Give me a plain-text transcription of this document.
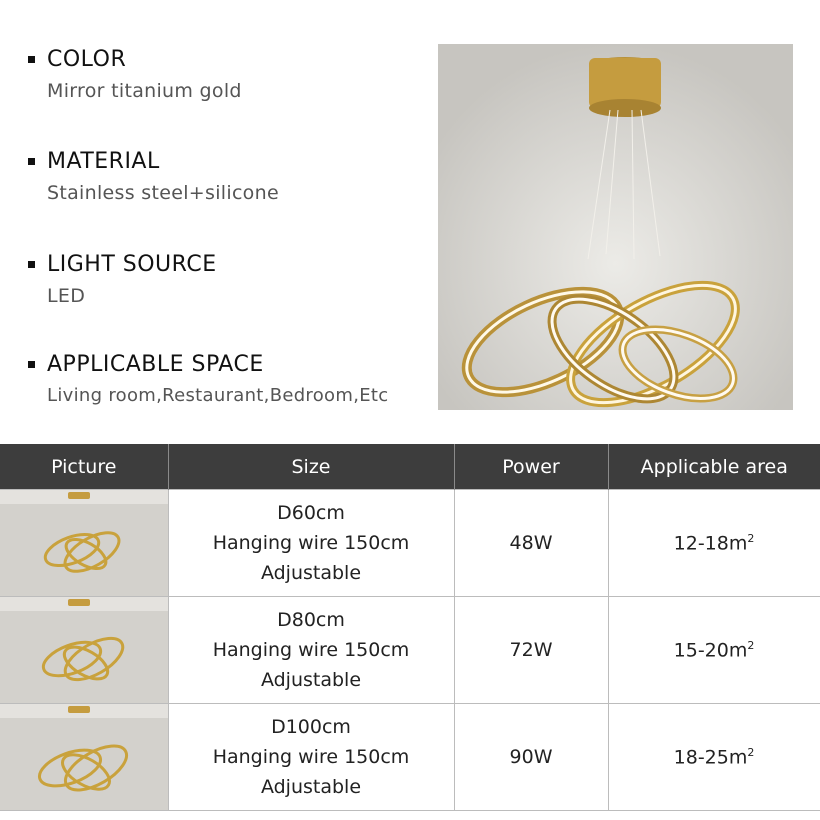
COLOR
Mirror titanium gold
MATERIAL
Stainless steel+silicone
LIGHT SOURCE
LED
APPLICABLE SPACE
Living room,Restaurant,Bedroom,Etc
Picture	Size	Power	Applicable area

D60cm
Hanging wire 150cm
Adjustable	48W	$12-18m^2$

D80cm
Hanging wire 150cm
Adjustable	72W	$15-20m^2$

D100cm
Hanging wire 150cm
Adjustable	90W	$18-25m^2$
